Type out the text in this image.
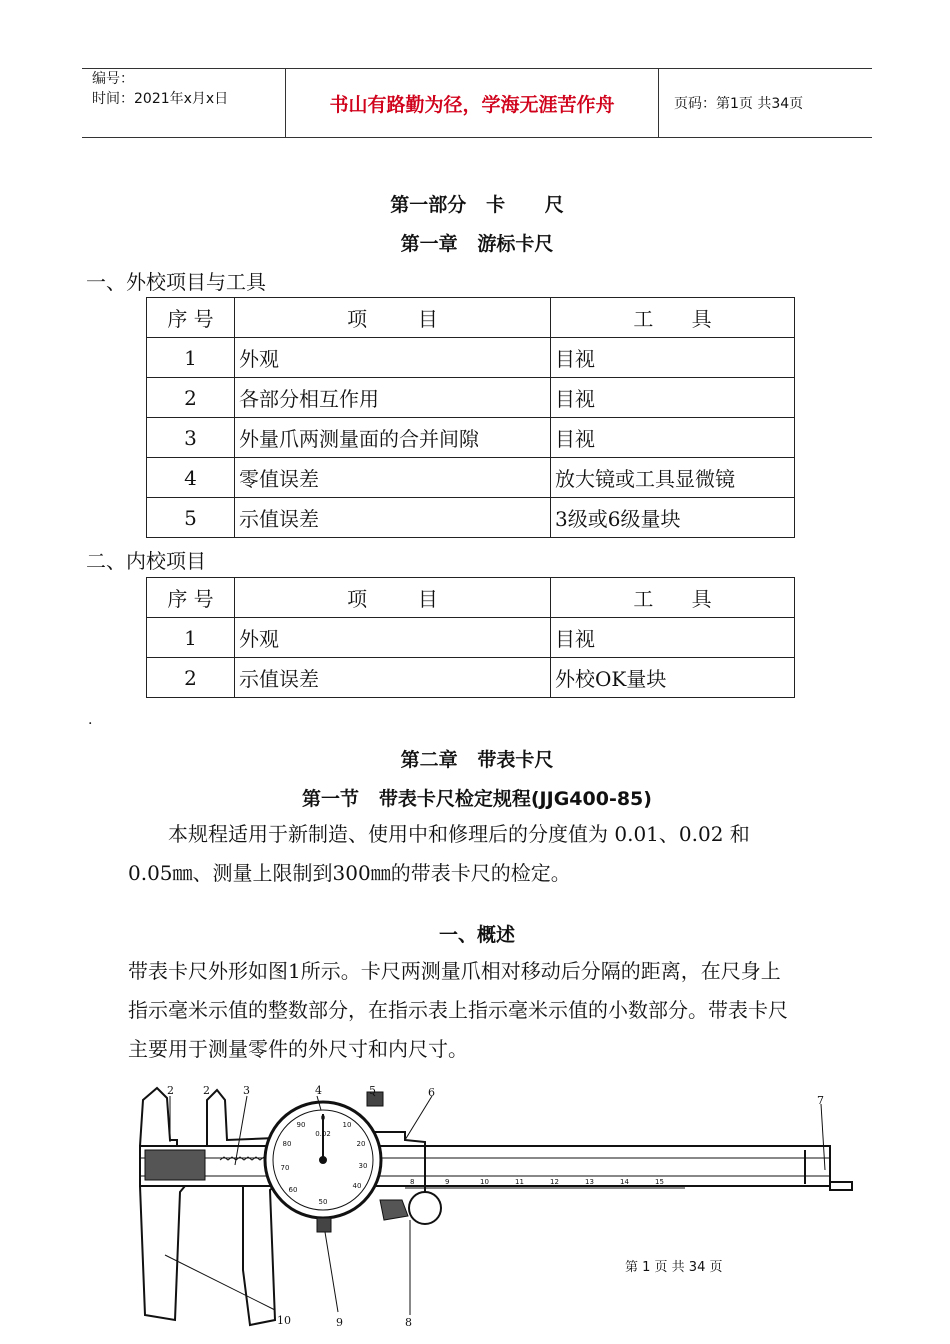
编号：
时间：2021年x月x日	书山有路勤为径，学海无涯苦作舟	页码：第1页 共34页
第一部分   卡      尺
第一章   游标卡尺
一、外校项目与工具
序 号	项        目	工      具
1	外观	目视
2	各部分相互作用	目视
3	外量爪两测量面的合并间隙	目视
4	零值误差	放大镜或工具显微镜
5	示值误差	3级或6级量块
二、内校项目
序 号	项        目	工      具
1	外观	目视
2	示值误差	外校OK量块
.
第二章   带表卡尺
第一节   带表卡尺检定规程(JJG400-85)
本规程适用于新制造、使用中和修理后的分度值为 0.01、0.02 和
0.05㎜、测量上限制到300㎜的带表卡尺的检定。
一、概述
带表卡尺外形如图1所示。卡尺两测量爪相对移动后分隔的距离，在尺身上
指示毫米示值的整数部分，在指示表上指示毫米示值的小数部分。带表卡尺
主要用于测量零件的外尺寸和内尺寸。
2	2	3	4	5	6
7
8
9
10
0.02
0
10
20
30
40
50
60
70
80
90
8	9	10	11	12	13	14	15
第 1 页 共 34 页
